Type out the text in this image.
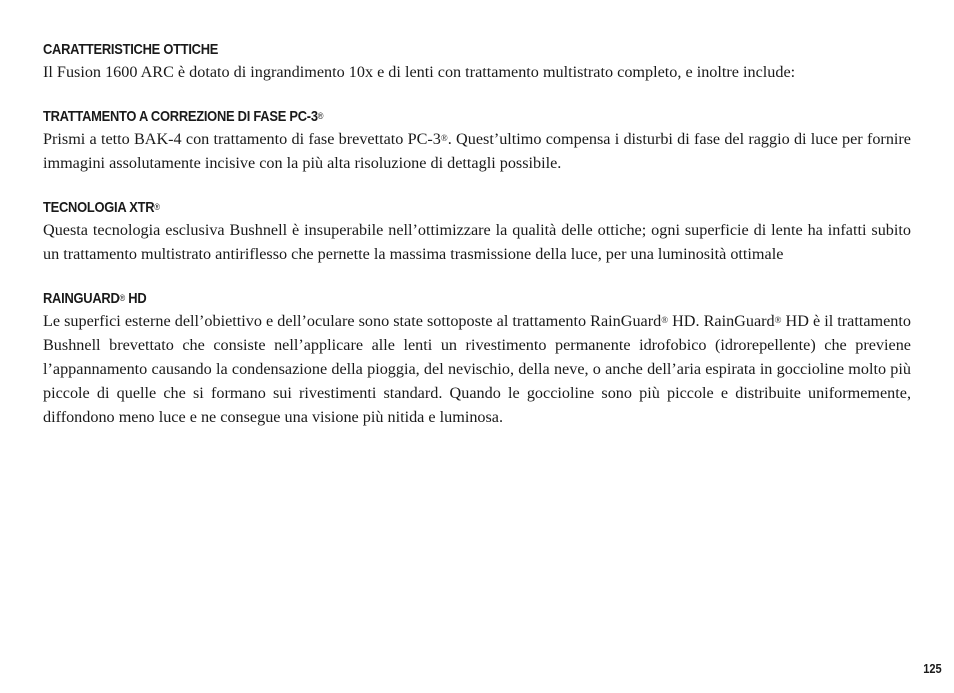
CARATTERISTICHE OTTICHE

Il Fusion 1600 ARC è dotato di ingrandimento 10x e di lenti con trattamento multistrato completo, e inoltre include:

TRATTAMENTO A CORREZIONE DI FASE PC-3®

Prismi a tetto BAK-4 con trattamento di fase brevettato PC-3®. Quest’ultimo compensa i disturbi di fase del raggio di luce per fornire immagini assolutamente incisive con la più alta risoluzione di dettagli possibile.

TECNOLOGIA XTR®

Questa tecnologia esclusiva Bushnell è insuperabile nell’ottimizzare la qualità delle ottiche; ogni superficie di lente ha infatti subito un trattamento multistrato antiriflesso che pernette la massima trasmissione della luce, per una luminosità ottimale

RAINGUARD® HD

Le superfici esterne dell’obiettivo e dell’oculare sono state sottoposte al trattamento RainGuard® HD. RainGuard® HD è il trattamento Bushnell brevettato che consiste nell’applicare alle lenti un rivestimento permanente idrofobico (idrorepellente) che previene l’appannamento causando la condensazione della pioggia, del nevischio, della neve, o anche dell’aria espirata in goccioline molto più piccole di quelle che si formano sui rivestimenti standard. Quando le goccioline sono più piccole e distribuite uniformemente, diffondono meno luce e ne consegue una visione più nitida e luminosa.

125
